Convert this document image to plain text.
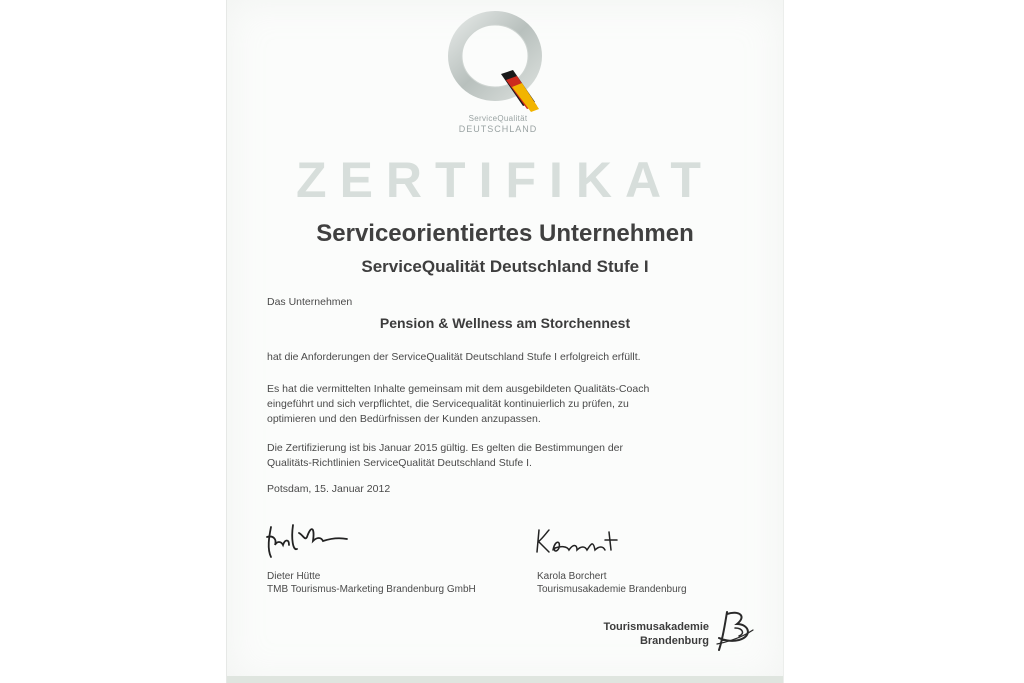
ServiceQualität
DEUTSCHLAND
ZERTIFIKAT
Serviceorientiertes Unternehmen
ServiceQualität Deutschland Stufe I
Das Unternehmen
Pension & Wellness am Storchennest
hat die Anforderungen der ServiceQualität Deutschland Stufe I erfolgreich erfüllt.
Es hat die vermittelten Inhalte gemeinsam mit dem ausgebildeten Qualitäts-Coach
eingeführt und sich verpflichtet, die Servicequalität kontinuierlich zu prüfen, zu
optimieren und den Bedürfnissen der Kunden anzupassen.
Die Zertifizierung ist bis Januar 2015 gültig. Es gelten die Bestimmungen der
Qualitäts-Richtlinien ServiceQualität Deutschland Stufe I.
Potsdam, 15. Januar 2012
Dieter Hütte
TMB Tourismus-Marketing Brandenburg GmbH
Karola Borchert
Tourismusakademie Brandenburg
Tourismusakademie
Brandenburg
